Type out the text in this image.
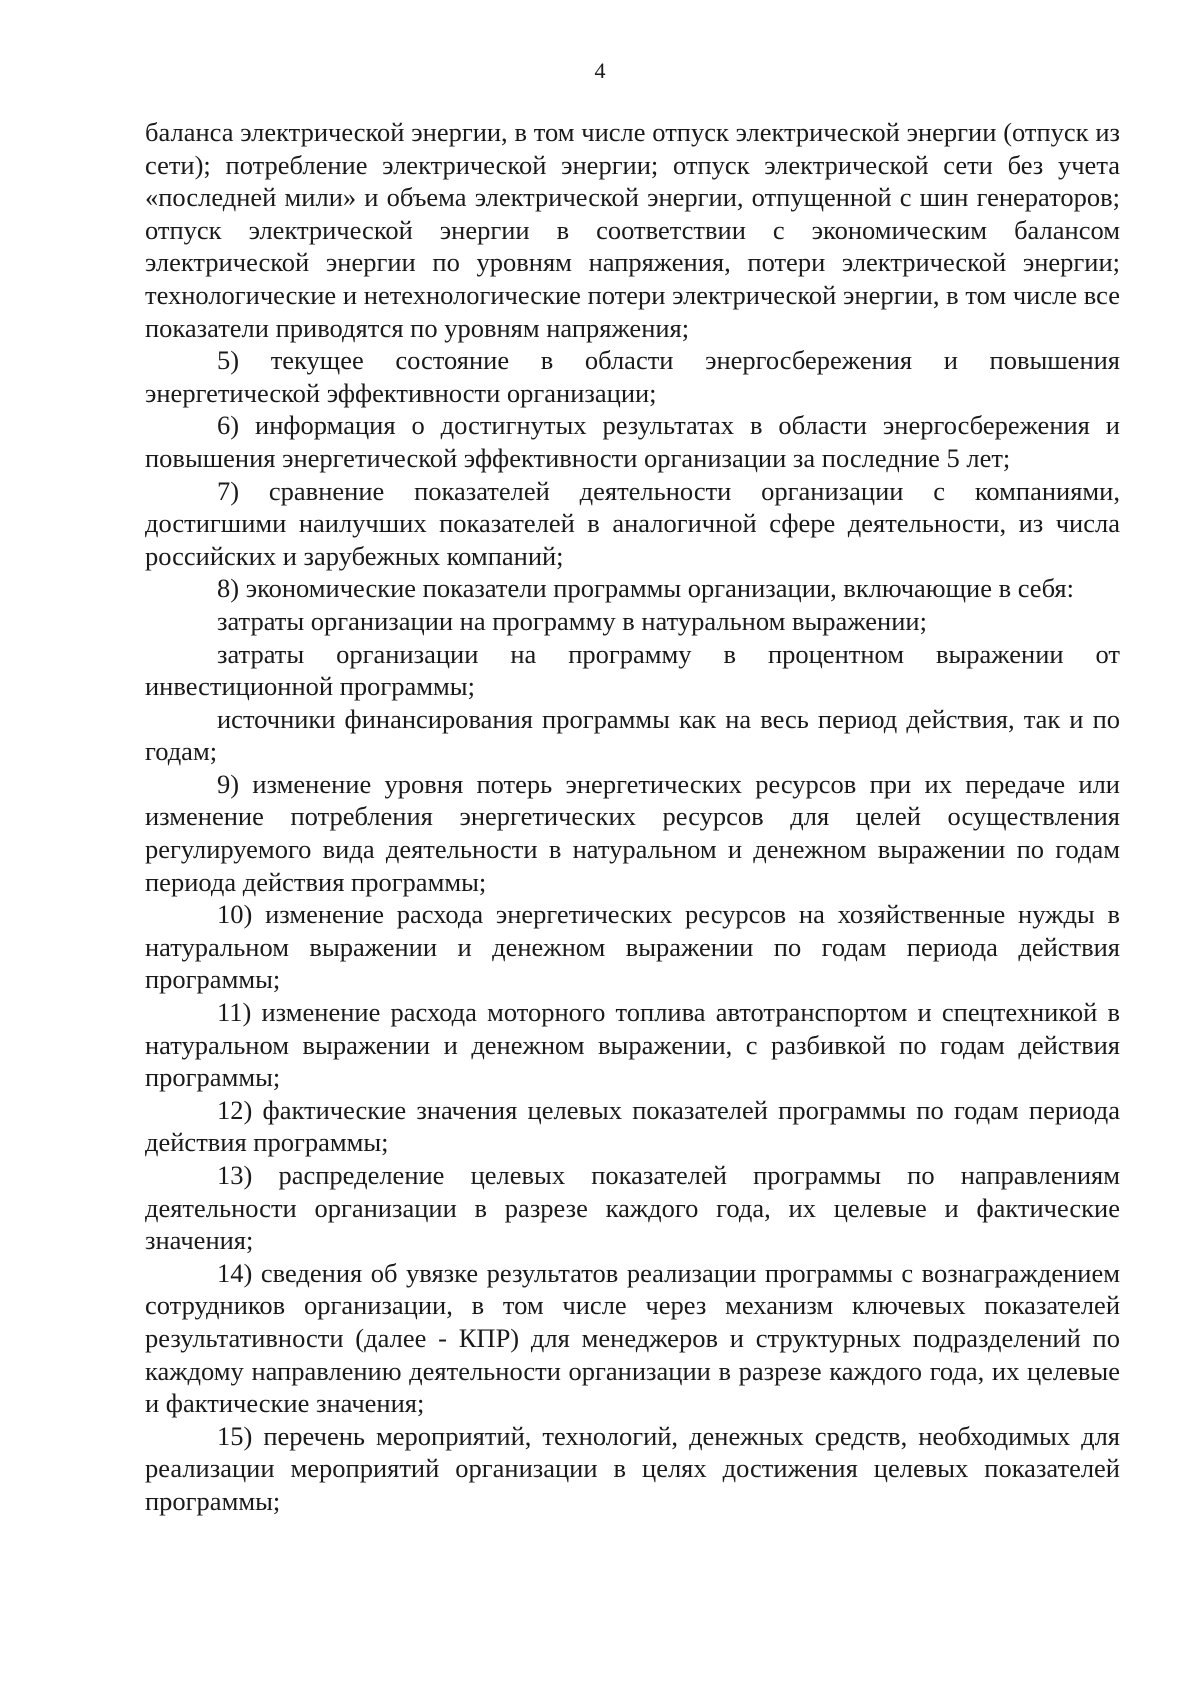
4

баланса электрической энергии, в том числе отпуск электрической энергии (отпуск из сети); потребление электрической энергии; отпуск электрической сети без учета «последней мили» и объема электрической энергии, отпущенной с шин генераторов; отпуск электрической энергии в соответствии с экономическим балансом электрической энергии по уровням напряжения, потери электрической энергии; технологические и нетехнологические потери электрической энергии, в том числе все показатели приводятся по уровням напряжения;

5) текущее состояние в области энергосбережения и повышения энергетической эффективности организации;

6) информация о достигнутых результатах в области энергосбережения и повышения энергетической эффективности организации за последние 5 лет;

7) сравнение показателей деятельности организации с компаниями, достигшими наилучших показателей в аналогичной сфере деятельности, из числа российских и зарубежных компаний;

8) экономические показатели программы организации, включающие в себя:

затраты организации на программу в натуральном выражении;

затраты организации на программу в процентном выражении от инвестиционной программы;

источники финансирования программы как на весь период действия, так и по годам;

9) изменение уровня потерь энергетических ресурсов при их передаче или изменение потребления энергетических ресурсов для целей осуществления регулируемого вида деятельности в натуральном и денежном выражении по годам периода действия программы;

10) изменение расхода энергетических ресурсов на хозяйственные нужды в натуральном выражении и денежном выражении по годам периода действия программы;

11) изменение расхода моторного топлива автотранспортом и спецтехникой в натуральном выражении и денежном выражении, с разбивкой по годам действия программы;

12) фактические значения целевых показателей программы по годам периода действия программы;

13) распределение целевых показателей программы по направлениям деятельности организации в разрезе каждого года, их целевые и фактические значения;

14) сведения об увязке результатов реализации программы с вознаграждением сотрудников организации, в том числе через механизм ключевых показателей результативности (далее - КПР) для менеджеров и структурных подразделений по каждому направлению деятельности организации в разрезе каждого года, их целевые и фактические значения;

15) перечень мероприятий, технологий, денежных средств, необходимых для реализации мероприятий организации в целях достижения целевых показателей программы;
